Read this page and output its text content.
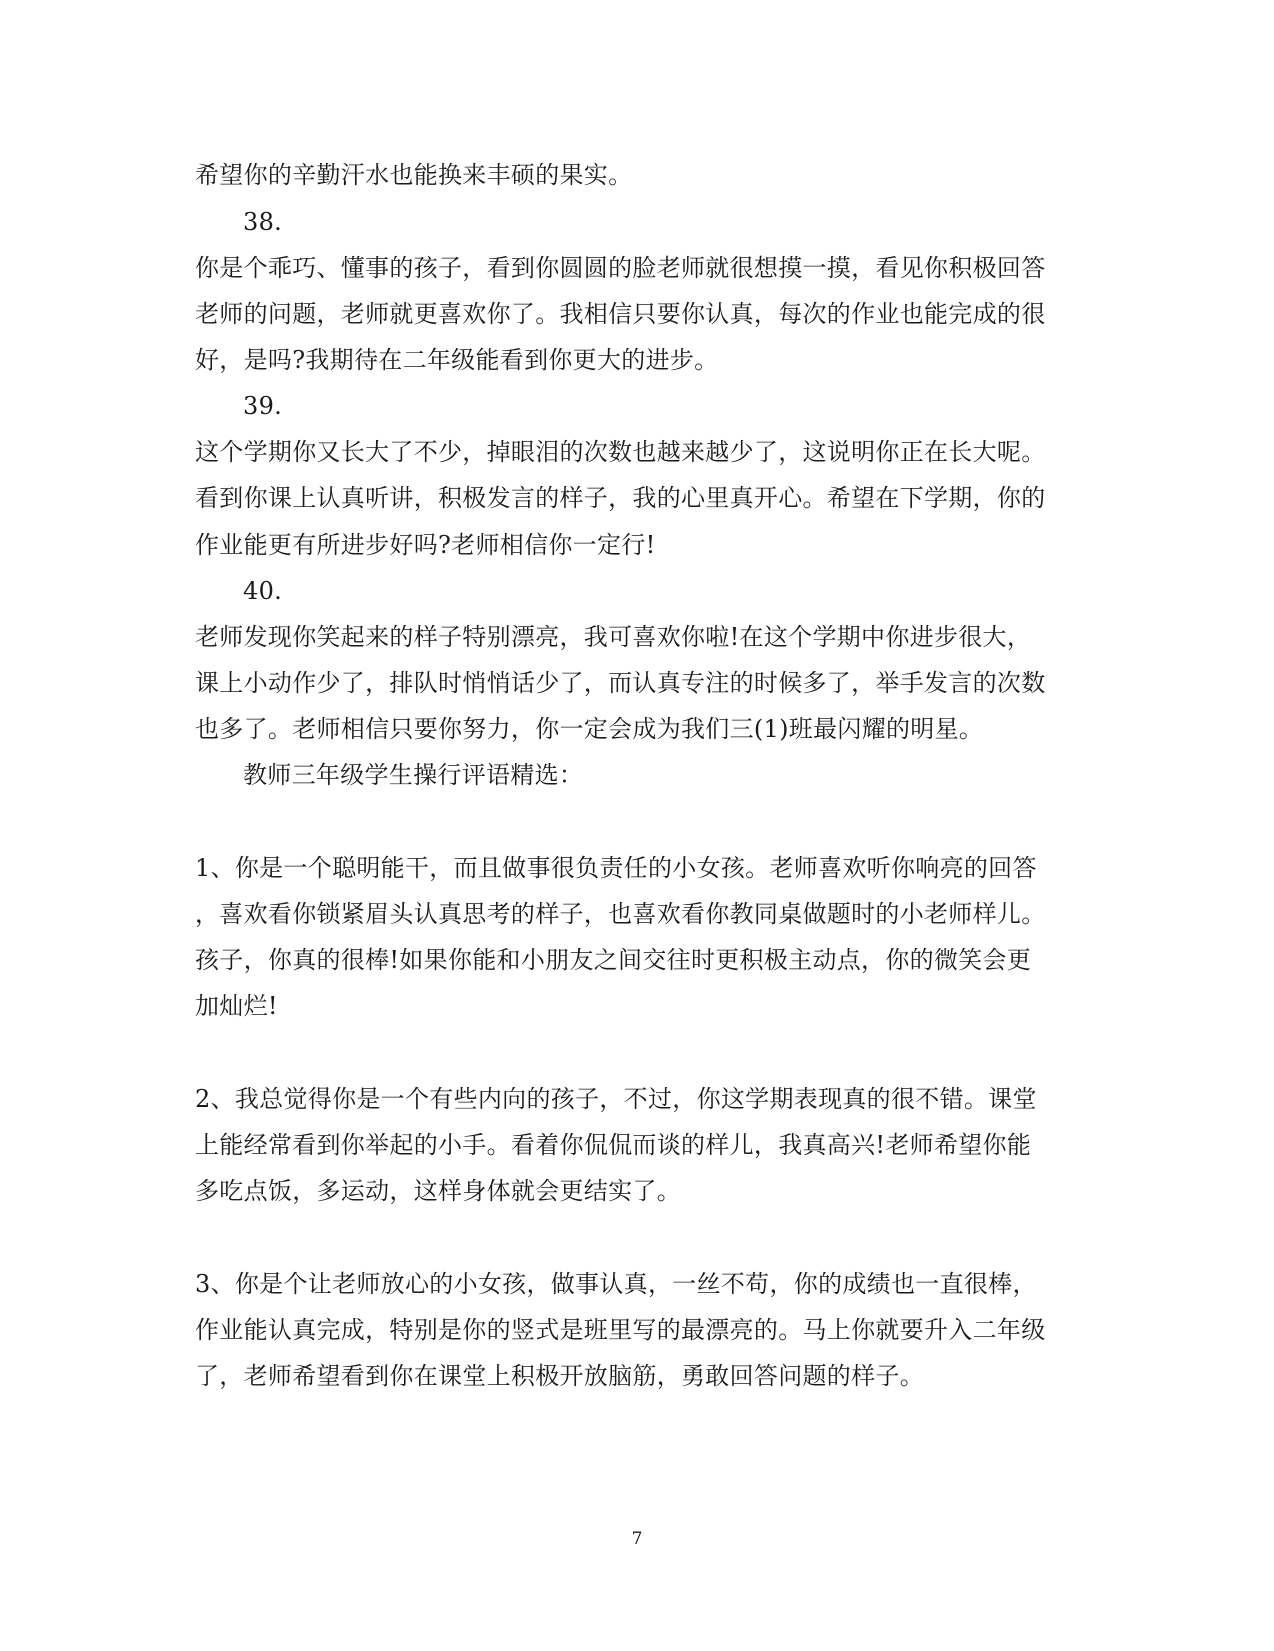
希望你的辛勤汗水也能换来丰硕的果实。
38.
你是个乖巧、懂事的孩子，看到你圆圆的脸老师就很想摸一摸，看见你积极回答
老师的问题，老师就更喜欢你了。我相信只要你认真，每次的作业也能完成的很
好，是吗?我期待在二年级能看到你更大的进步。
39.
这个学期你又长大了不少，掉眼泪的次数也越来越少了，这说明你正在长大呢。
看到你课上认真听讲，积极发言的样子，我的心里真开心。希望在下学期，你的
作业能更有所进步好吗?老师相信你一定行!
40.
老师发现你笑起来的样子特别漂亮，我可喜欢你啦!在这个学期中你进步很大，
课上小动作少了，排队时悄悄话少了，而认真专注的时候多了，举手发言的次数
也多了。老师相信只要你努力，你一定会成为我们三(1)班最闪耀的明星。
教师三年级学生操行评语精选：
1、你是一个聪明能干，而且做事很负责任的小女孩。老师喜欢听你响亮的回答
，喜欢看你锁紧眉头认真思考的样子，也喜欢看你教同桌做题时的小老师样儿。
孩子，你真的很棒!如果你能和小朋友之间交往时更积极主动点，你的微笑会更
加灿烂!
2、我总觉得你是一个有些内向的孩子，不过，你这学期表现真的很不错。课堂
上能经常看到你举起的小手。看着你侃侃而谈的样儿，我真高兴!老师希望你能
多吃点饭，多运动，这样身体就会更结实了。
3、你是个让老师放心的小女孩，做事认真，一丝不苟，你的成绩也一直很棒，
作业能认真完成，特别是你的竖式是班里写的最漂亮的。马上你就要升入二年级
了，老师希望看到你在课堂上积极开放脑筋，勇敢回答问题的样子。
7
